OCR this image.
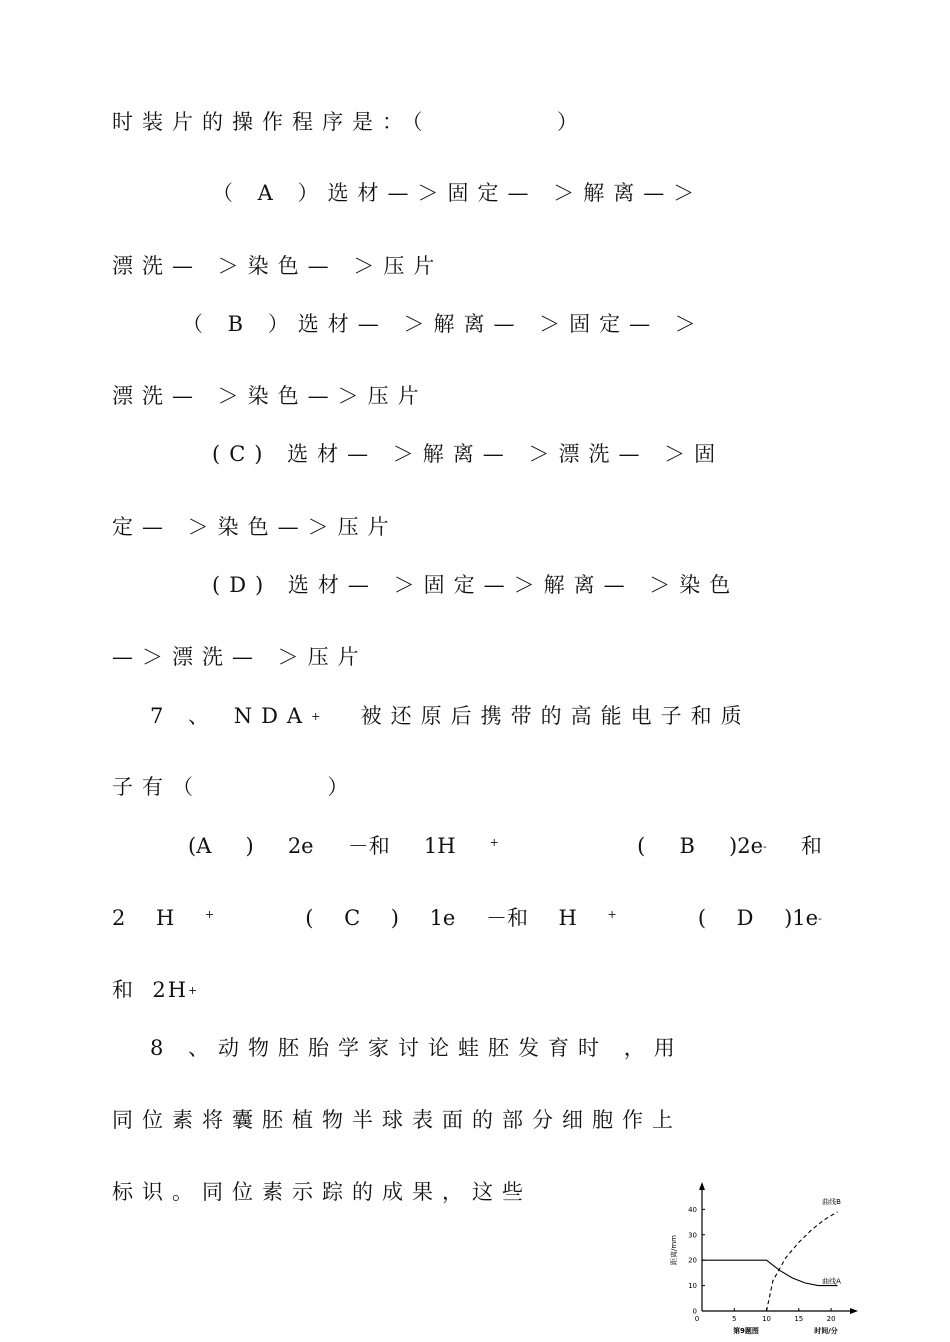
时装片的操作程序是：（        ）
（ A ）选材—＞固定— ＞解离—＞
漂洗— ＞染色— ＞压片
（ B ）选材— ＞解离— ＞固定— ＞
漂洗— ＞染色—＞压片
(C) 选材— ＞解离— ＞漂洗— ＞固
定— ＞染色—＞压片
(D) 选材— ＞固定—＞解离— ＞染色
—＞漂洗— ＞压片
7 、 NDA+ 被还原后携带的高能电子和质
子有（        ）
(A ) 2e －和 1H	+	( B )2e- 和
2 H	+	( C ) 1e －和 H	+	( D )1e-
和  2H+
8 、动物胚胎学家讨论蛙胚发育时 ，用
同位素将囊胚植物半球表面的部分细胞作上
标识。同位素示踪的成果，这些
0
10
20
30
40
0	5	10	15	20
曲线A
曲线B
距离/mm
时间/分
第9题图
